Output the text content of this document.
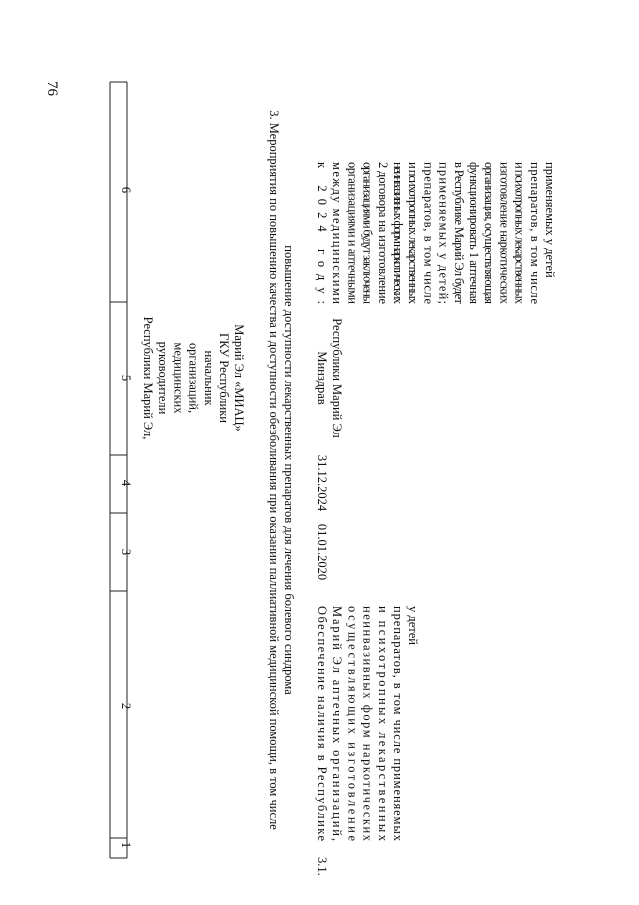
76
6
5
4
3
2
1
Республики Марий Эл, руководители медицинских организаций, начальник ГКУ Республики Марий Эл «МИАЦ» 3. Мероприятия по повышению качества и доступности обезболивания при оказании паллиативной медицинской помощи, в том числе повышение доступности лекарственных препаратов для лечения болевого синдрома
3.1.
01.01.2020
31.12.2024
Обеспечение наличия в Республике
Марий Эл аптечных организаций,
осуществляющих изготовление
неинвазивных форм наркотических
и психотропных лекарственных
препаратов, в том числе применяемых
у детей
Минздрав Республики Марий Эл
к 2024 году:
между медицинскими
организациями и аптечными
организациями будут заключены
2 договора на изготовление
неинвазивных форм наркотических
и психотропных лекарственных
препаратов, в том числе
применяемых у детей;
в Республике Марий Эл будет
функционировать 1 аптечная
организация, осуществляющая
изготовление наркотических
и психотропных лекарственных
препаратов, в том числе
применяемых у детей
